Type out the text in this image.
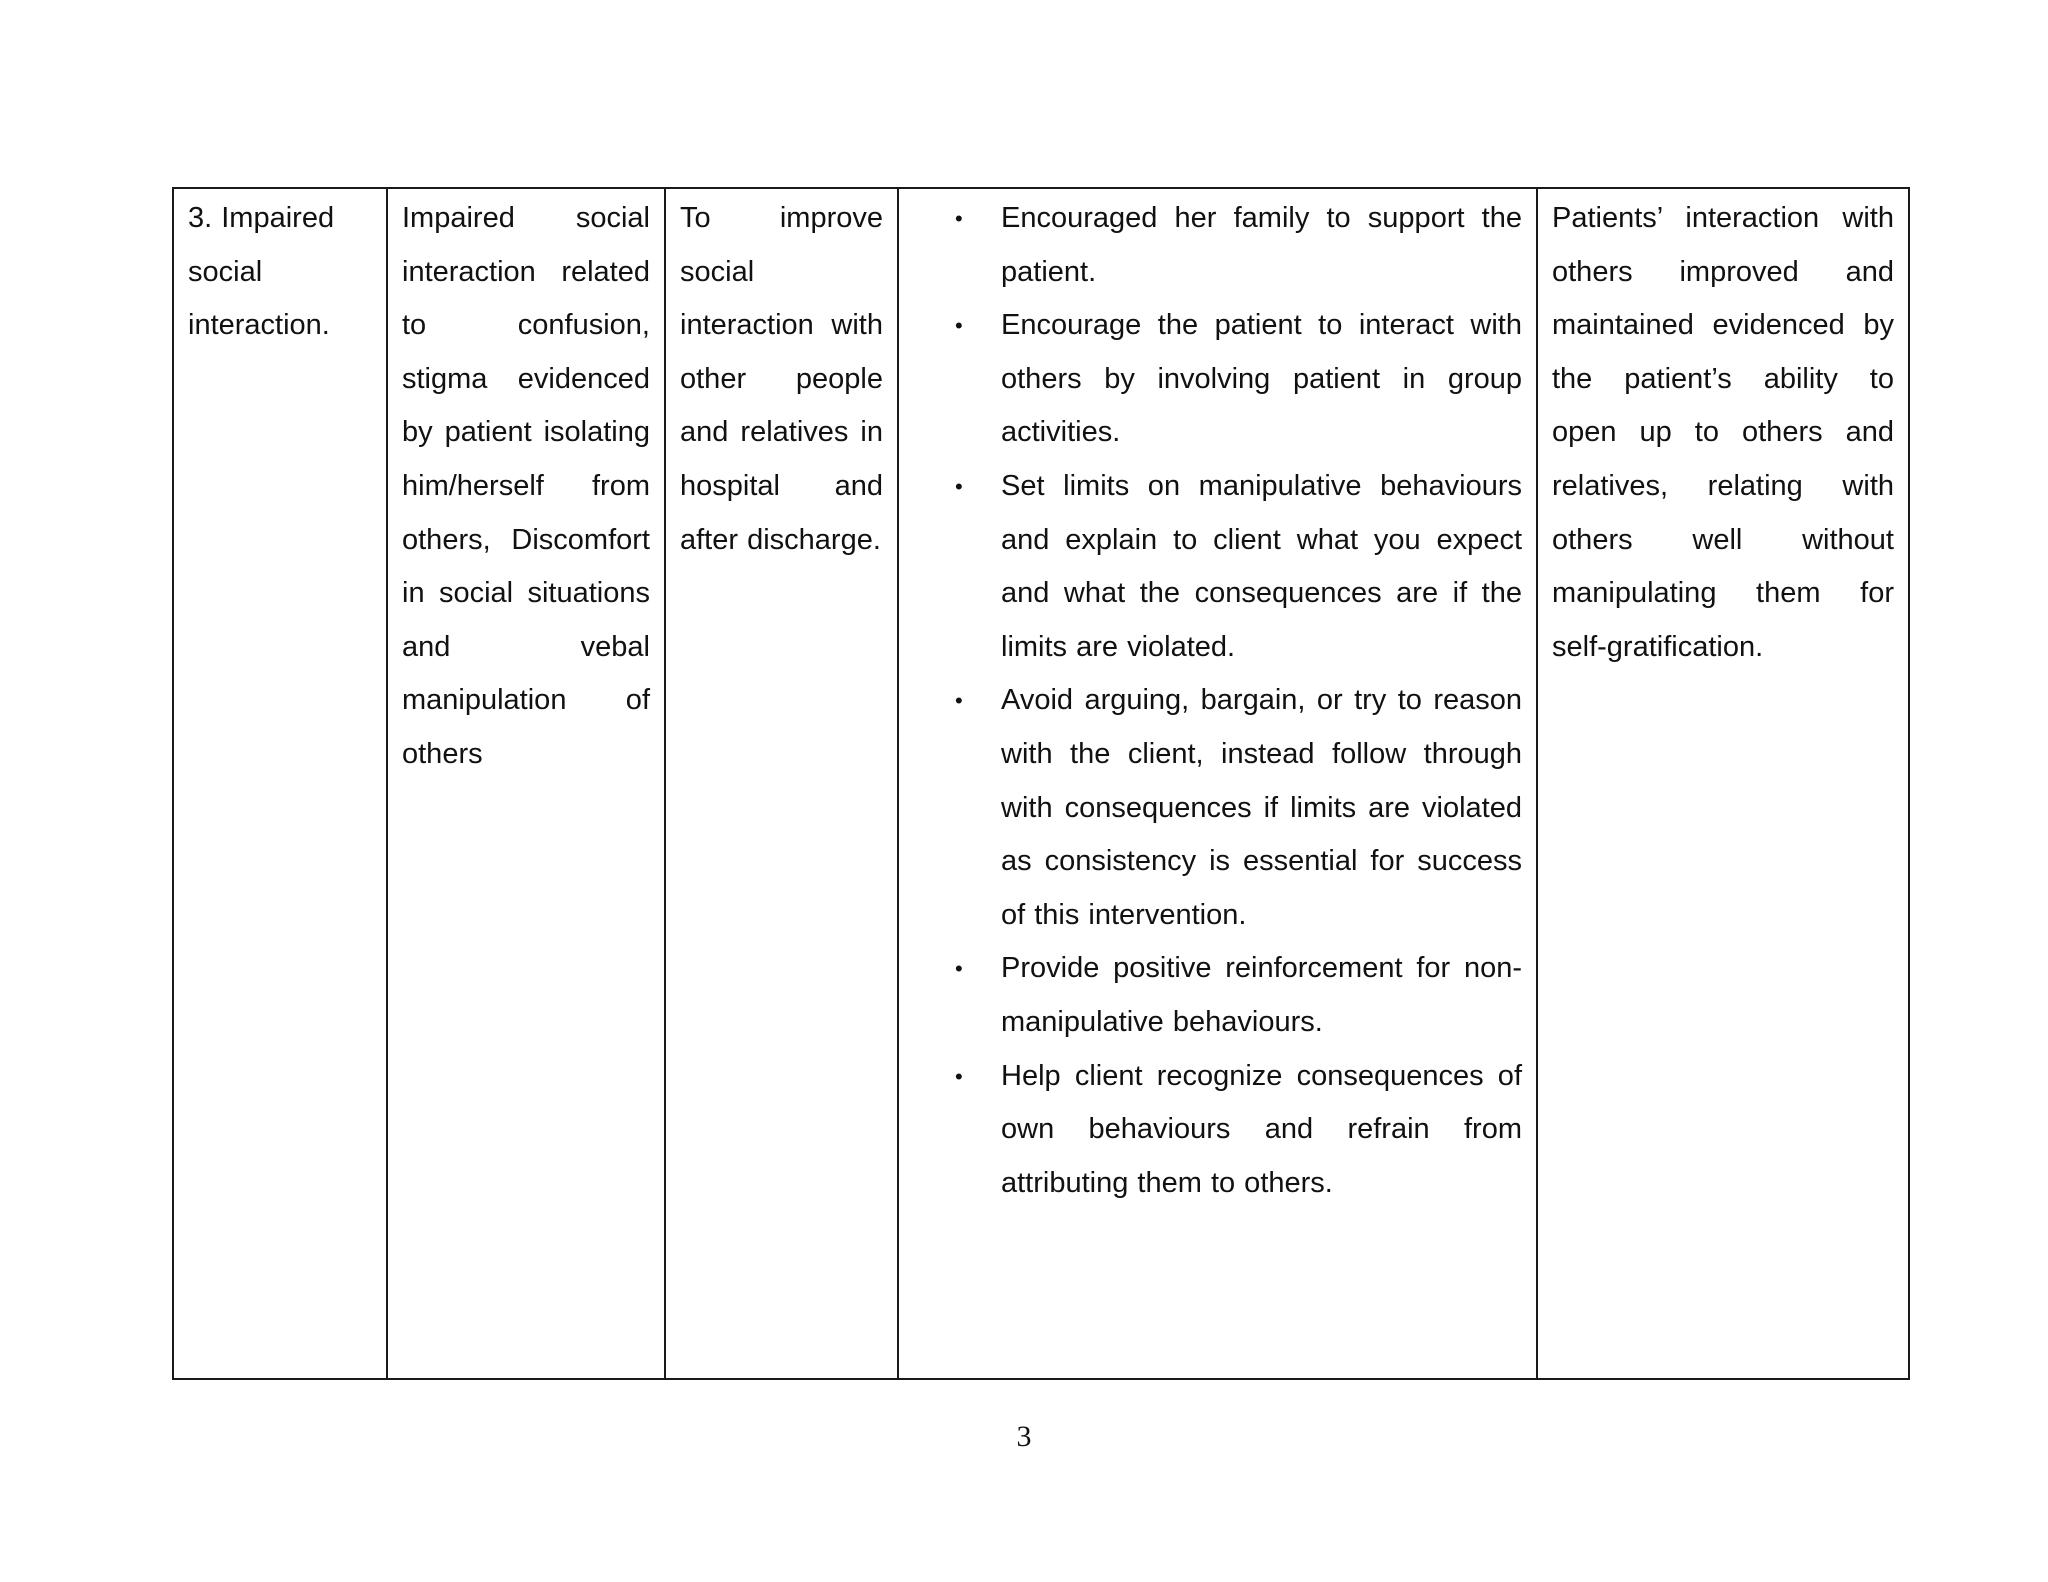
3. Impaired social interaction.

Impaired social interaction related to confusion, stigma evidenced by patient isolating him/herself from others, Discomfort in social situations and vebal manipulation of others

To improve social interaction with other people and relatives in hospital and after discharge.

• Encouraged her family to support the patient.
• Encourage the patient to interact with others by involving patient in group activities.
• Set limits on manipulative behaviours and explain to client what you expect and what the consequences are if the limits are violated.
• Avoid arguing, bargain, or try to reason with the client, instead follow through with consequences if limits are violated as consistency is essential for success of this intervention.
• Provide positive reinforcement for non-manipulative behaviours.
• Help client recognize consequences of own behaviours and refrain from attributing them to others.

Patients’ interaction with others improved and maintained evidenced by the patient’s ability to open up to others and relatives, relating with others well without manipulating them for self-gratification.
3
